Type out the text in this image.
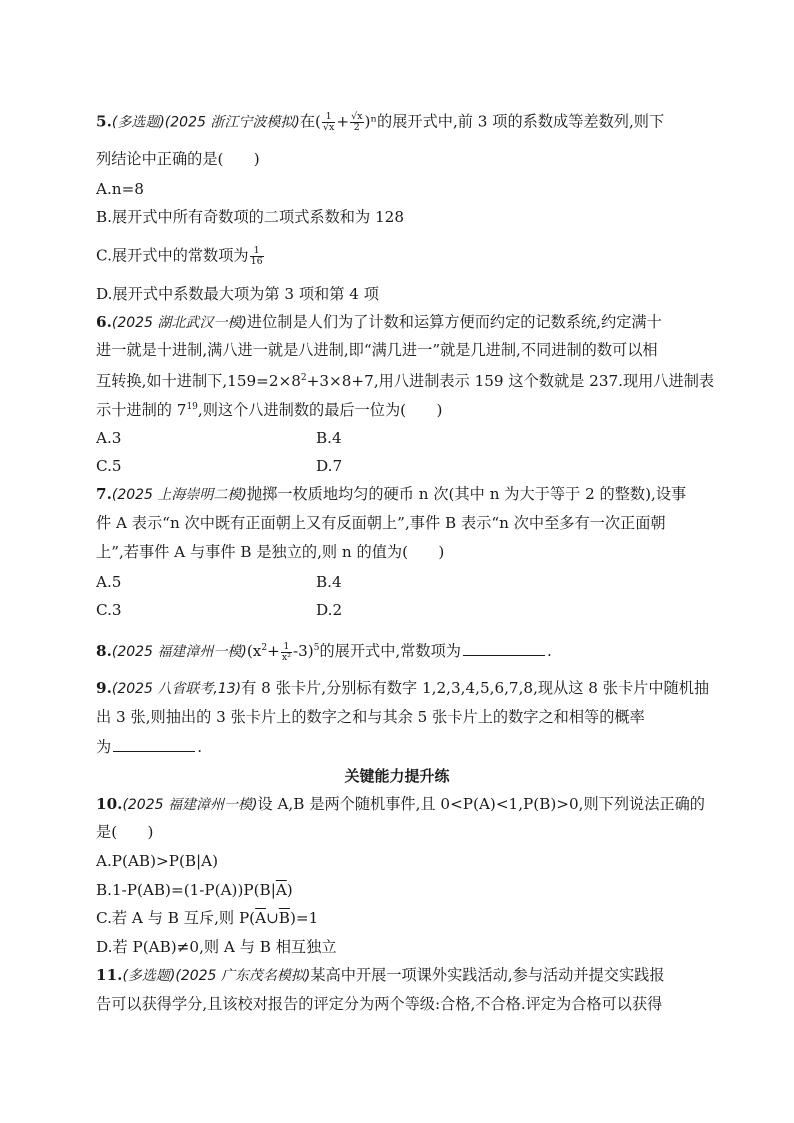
5.(多选题)(2025 浙江宁波模拟)在( $\frac{1}{√x} + \frac{√x}{2} )^n$的展开式中,前 3 项的系数成等差数列,则下
列结论中正确的是(　　)
A.n=8
B.展开式中所有奇数项的二项式系数和为 128
C.展开式中的常数项为 $\frac{1}{16}$
D.展开式中系数最大项为第 3 项和第 4 项
6.(2025 湖北武汉一模)进位制是人们为了计数和运算方便而约定的记数系统,约定满十
进一就是十进制,满八进一就是八进制,即“满几进一”就是几进制,不同进制的数可以相
互转换,如十进制下$,159=2\times 8^2+3\times 8+7$,用八进制表示 159 这个数就是 237.现用八进制表
示十进制的 $7^{19}$,则这个八进制数的最后一位为(　　)
A.3	B.4
C.5	D.7
7.(2025 上海崇明二模)抛掷一枚质地均匀的硬币 n 次(其中 n 为大于等于 2 的整数),设事
件 A 表示“n 次中既有正面朝上又有反面朝上”,事件 B 表示“n 次中至多有一次正面朝
上”,若事件 A 与事件 B 是独立的,则 n 的值为(　　)
A.5	B.4
C.3	D.2
8.(2025 福建漳州一模)$(x^2+ \frac{1}{\text{x²}} -3)^5$的展开式中,常数项为	.
9.(2025 八省联考,13)有 8 张卡片,分别标有数字 1,2,3,4,5,6,7,8,现从这 8 张卡片中随机抽
出 3 张,则抽出的 3 张卡片上的数字之和与其余 5 张卡片上的数字之和相等的概率
为	.
关键能力提升练
10.(2025 福建漳州一模)设 A,B 是两个随机事件,且 0<P(A)<1,P(B)>0,则下列说法正确的
是(　　)
A.P(AB)>P(B|A)
$B.1-P(AB)=(1-P(A))P(B|\overline{A})$
C.若 A 与 B 互斥,则 $P(\overline{A}\cup\overline{B})=1$
D.若 P(AB)≠0,则 A 与 B 相互独立
11.(多选题)(2025 广东茂名模拟)某高中开展一项课外实践活动,参与活动并提交实践报
告可以获得学分,且该校对报告的评定分为两个等级:合格,不合格.评定为合格可以获得
